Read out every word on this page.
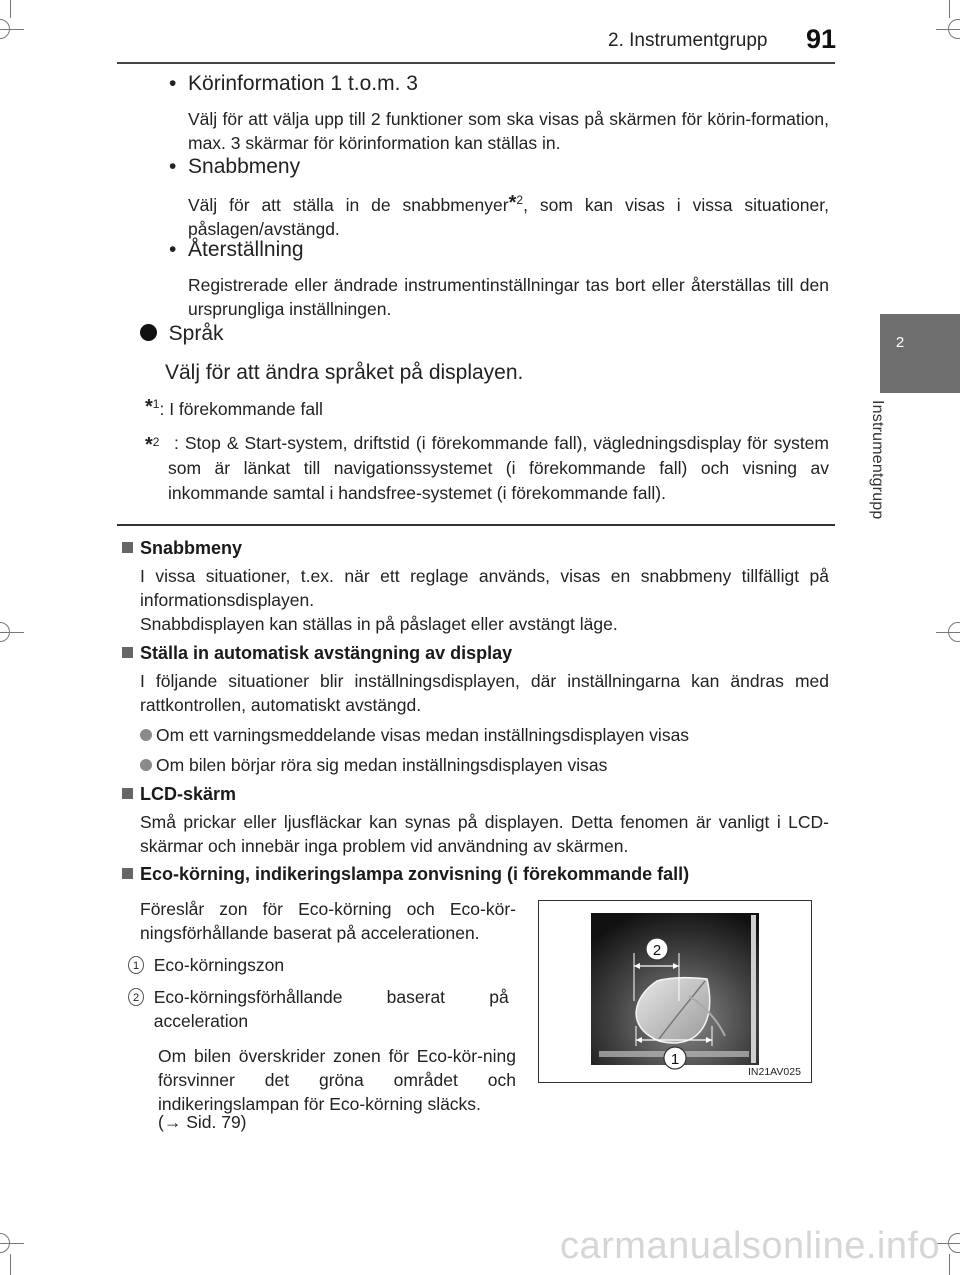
2. Instrumentgrupp 91
2
Instrumentgrupp
•  Körinformation 1 t.o.m. 3
Välj för att välja upp till 2 funktioner som ska visas på skärmen för körin-formation, max. 3 skärmar för körinformation kan ställas in.
•  Snabbmeny
Välj för att ställa in de snabbmenyer*$^2$, som kan visas i vissa situationer, påslagen/avstängd.
•  Återställning
Registrerade eller ändrade instrumentinställningar tas bort eller återställas till den ursprungliga inställningen.
Språk
Välj för att ändra språket på displayen.
*$^1$: I förekommande fall
*$^2$ : Stop & Start-system, driftstid (i förekommande fall), vägledningsdisplay för system som är länkat till navigationssystemet (i förekommande fall) och visning av inkommande samtal i handsfree-systemet (i förekommande fall).
Snabbmeny
I vissa situationer, t.ex. när ett reglage används, visas en snabbmeny tillfälligt på informationsdisplayen.
Snabbdisplayen kan ställas in på påslaget eller avstängt läge.
Ställa in automatisk avstängning av display
I följande situationer blir inställningsdisplayen, där inställningarna kan ändras med rattkontrollen, automatiskt avstängd.
Om ett varningsmeddelande visas medan inställningsdisplayen visas
Om bilen börjar röra sig medan inställningsdisplayen visas
LCD-skärm
Små prickar eller ljusfläckar kan synas på displayen. Detta fenomen är vanligt i LCD-skärmar och innebär inga problem vid användning av skärmen.
Eco-körning, indikeringslampa zonvisning (i förekommande fall)
Föreslår zon för Eco-körning och Eco-kör-ningsförhållande baserat på accelerationen.
1 Eco-körningszon
2 Eco-körningsförhållande baserat på acceleration
Om bilen överskrider zonen för Eco-kör-ning försvinner det gröna området och indikeringslampan för Eco-körning släcks.
(→ Sid. 79)
2
1
IN21AV025
carmanualsonline.info
